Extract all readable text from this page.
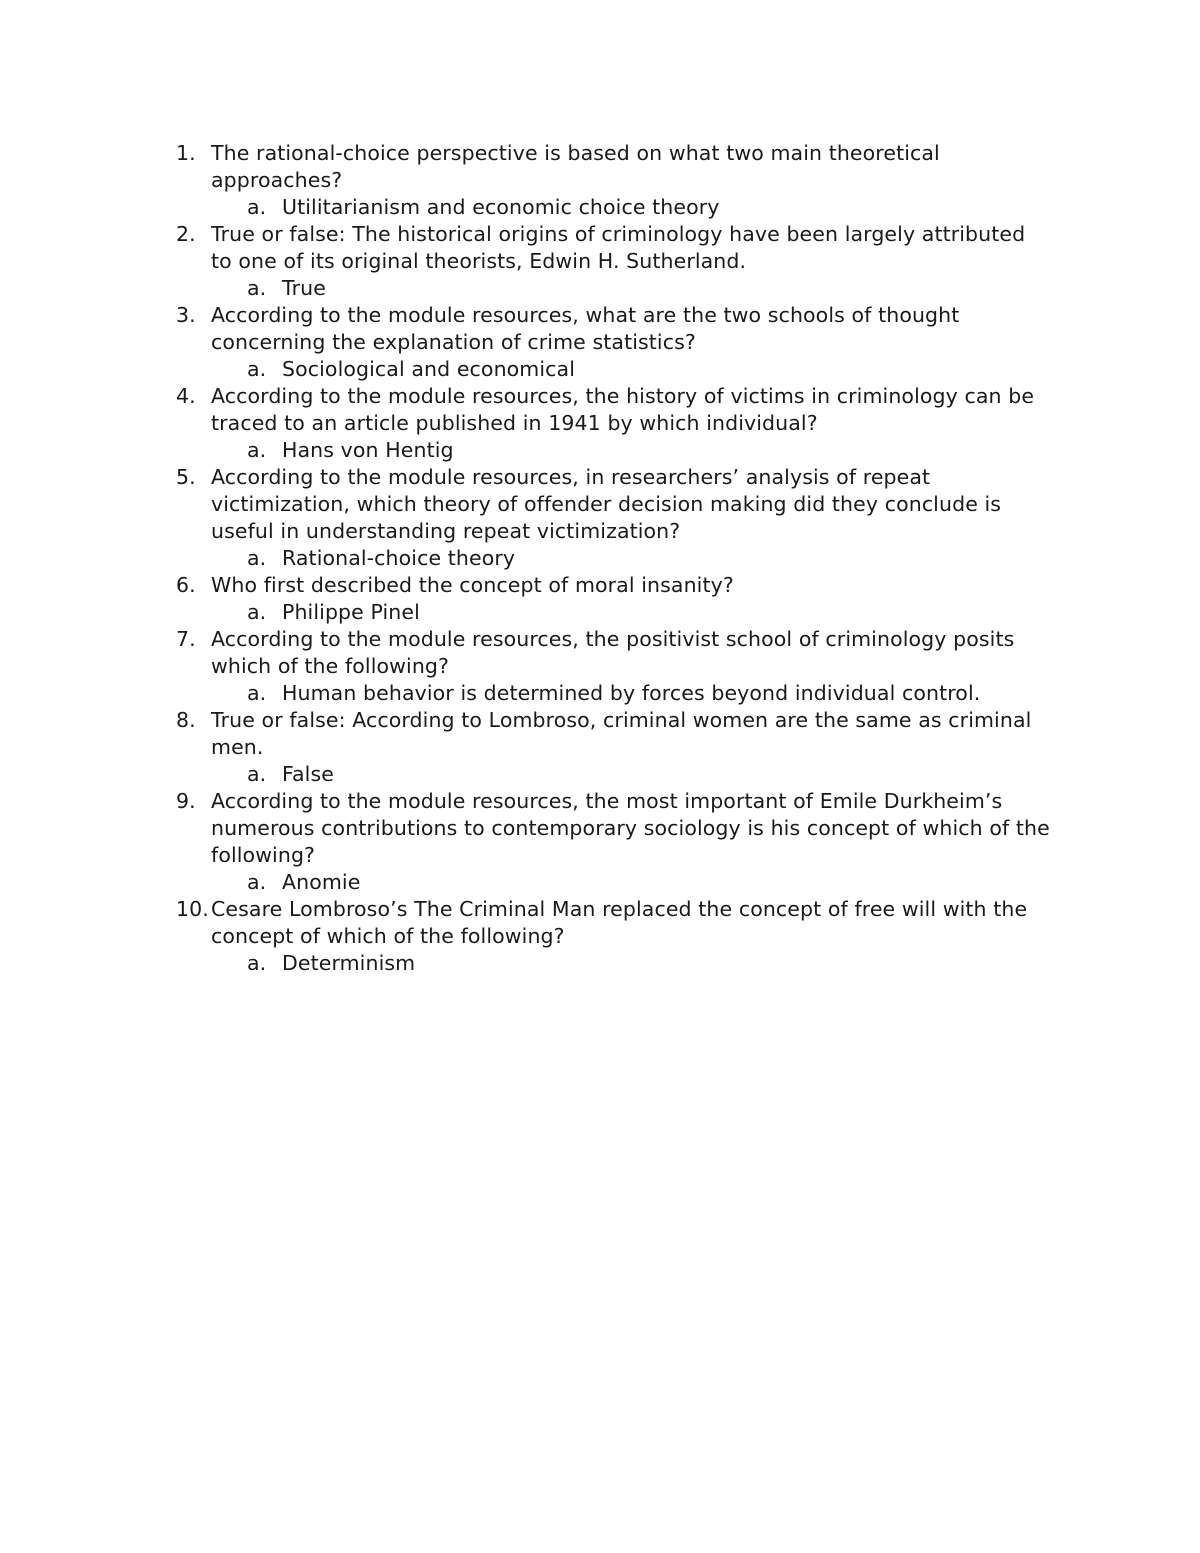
1. The rational-choice perspective is based on what two main theoretical approaches?
a. Utilitarianism and economic choice theory
2. True or false: The historical origins of criminology have been largely attributed to one of its original theorists, Edwin H. Sutherland.
a. True
3. According to the module resources, what are the two schools of thought concerning the explanation of crime statistics?
a. Sociological and economical
4. According to the module resources, the history of victims in criminology can be traced to an article published in 1941 by which individual?
a. Hans von Hentig
5. According to the module resources, in researchers’ analysis of repeat victimization, which theory of offender decision making did they conclude is useful in understanding repeat victimization?
a. Rational-choice theory
6. Who first described the concept of moral insanity?
a. Philippe Pinel
7. According to the module resources, the positivist school of criminology posits which of the following?
a. Human behavior is determined by forces beyond individual control.
8. True or false: According to Lombroso, criminal women are the same as criminal men.
a. False
9. According to the module resources, the most important of Emile Durkheim’s numerous contributions to contemporary sociology is his concept of which of the following?
a. Anomie
10. Cesare Lombroso’s The Criminal Man replaced the concept of free will with the concept of which of the following?
a. Determinism
